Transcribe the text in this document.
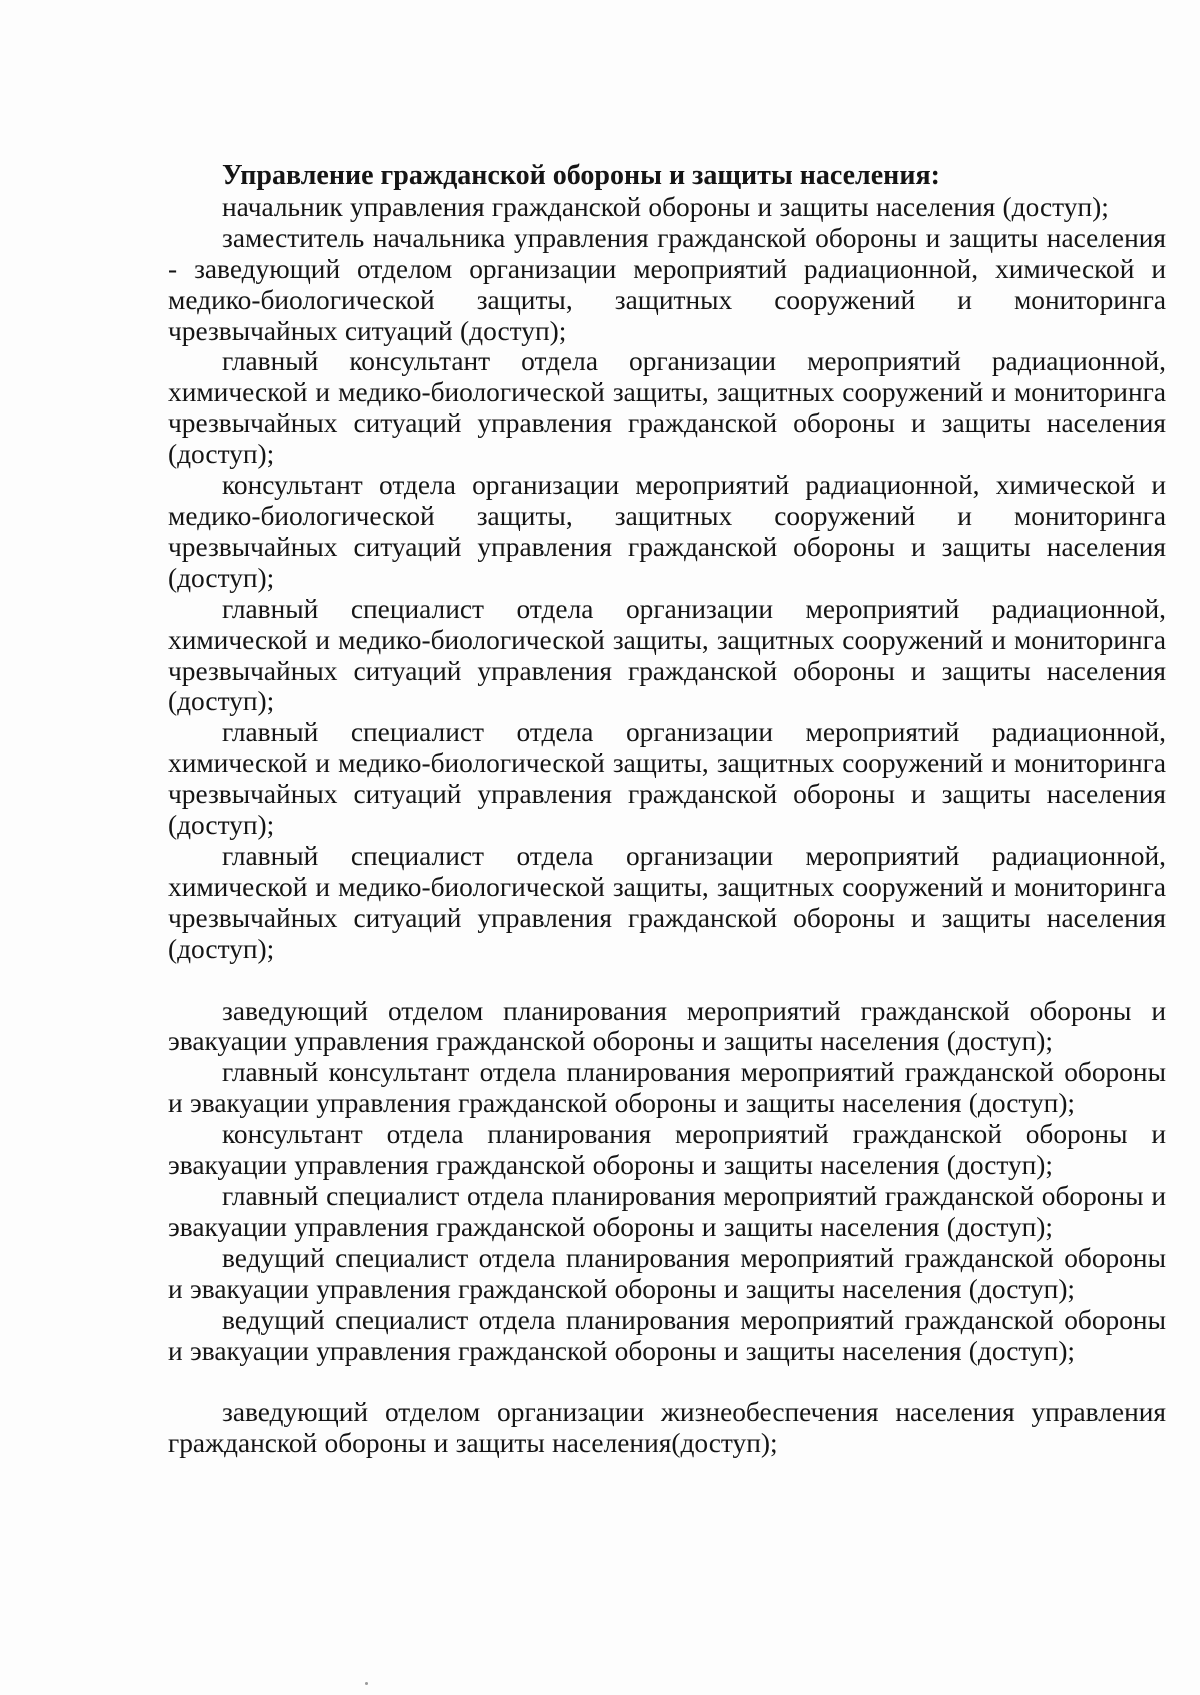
Управление гражданской обороны и защиты населения:

начальник управления гражданской обороны и защиты населения (доступ);

заместитель начальника управления гражданской обороны и защиты населения - заведующий отделом организации мероприятий радиационной, химической и медико-биологической защиты, защитных сооружений и мониторинга чрезвычайных ситуаций (доступ);

главный консультант отдела организации мероприятий радиационной, химической и медико-биологической защиты, защитных сооружений и мониторинга чрезвычайных ситуаций управления гражданской обороны и защиты населения (доступ);

консультант отдела организации мероприятий радиационной, химической и медико-биологической защиты, защитных сооружений и мониторинга чрезвычайных ситуаций управления гражданской обороны и защиты населения (доступ);

главный специалист отдела организации мероприятий радиационной, химической и медико-биологической защиты, защитных сооружений и мониторинга чрезвычайных ситуаций управления гражданской обороны и защиты населения (доступ);

главный специалист отдела организации мероприятий радиационной, химической и медико-биологической защиты, защитных сооружений и мониторинга чрезвычайных ситуаций управления гражданской обороны и защиты населения (доступ);

главный специалист отдела организации мероприятий радиационной, химической и медико-биологической защиты, защитных сооружений и мониторинга чрезвычайных ситуаций управления гражданской обороны и защиты населения (доступ);

заведующий отделом планирования мероприятий гражданской обороны и эвакуации управления гражданской обороны и защиты населения (доступ);

главный консультант отдела планирования мероприятий гражданской обороны и эвакуации управления гражданской обороны и защиты населения (доступ);

консультант отдела планирования мероприятий гражданской обороны и эвакуации управления гражданской обороны и защиты населения (доступ);

главный специалист отдела планирования мероприятий гражданской обороны и эвакуации управления гражданской обороны и защиты населения (доступ);

ведущий специалист отдела планирования мероприятий гражданской обороны и эвакуации управления гражданской обороны и защиты населения (доступ);

ведущий специалист отдела планирования мероприятий гражданской обороны и эвакуации управления гражданской обороны и защиты населения (доступ);

заведующий отделом организации жизнеобеспечения населения управления гражданской обороны и защиты населения(доступ);
